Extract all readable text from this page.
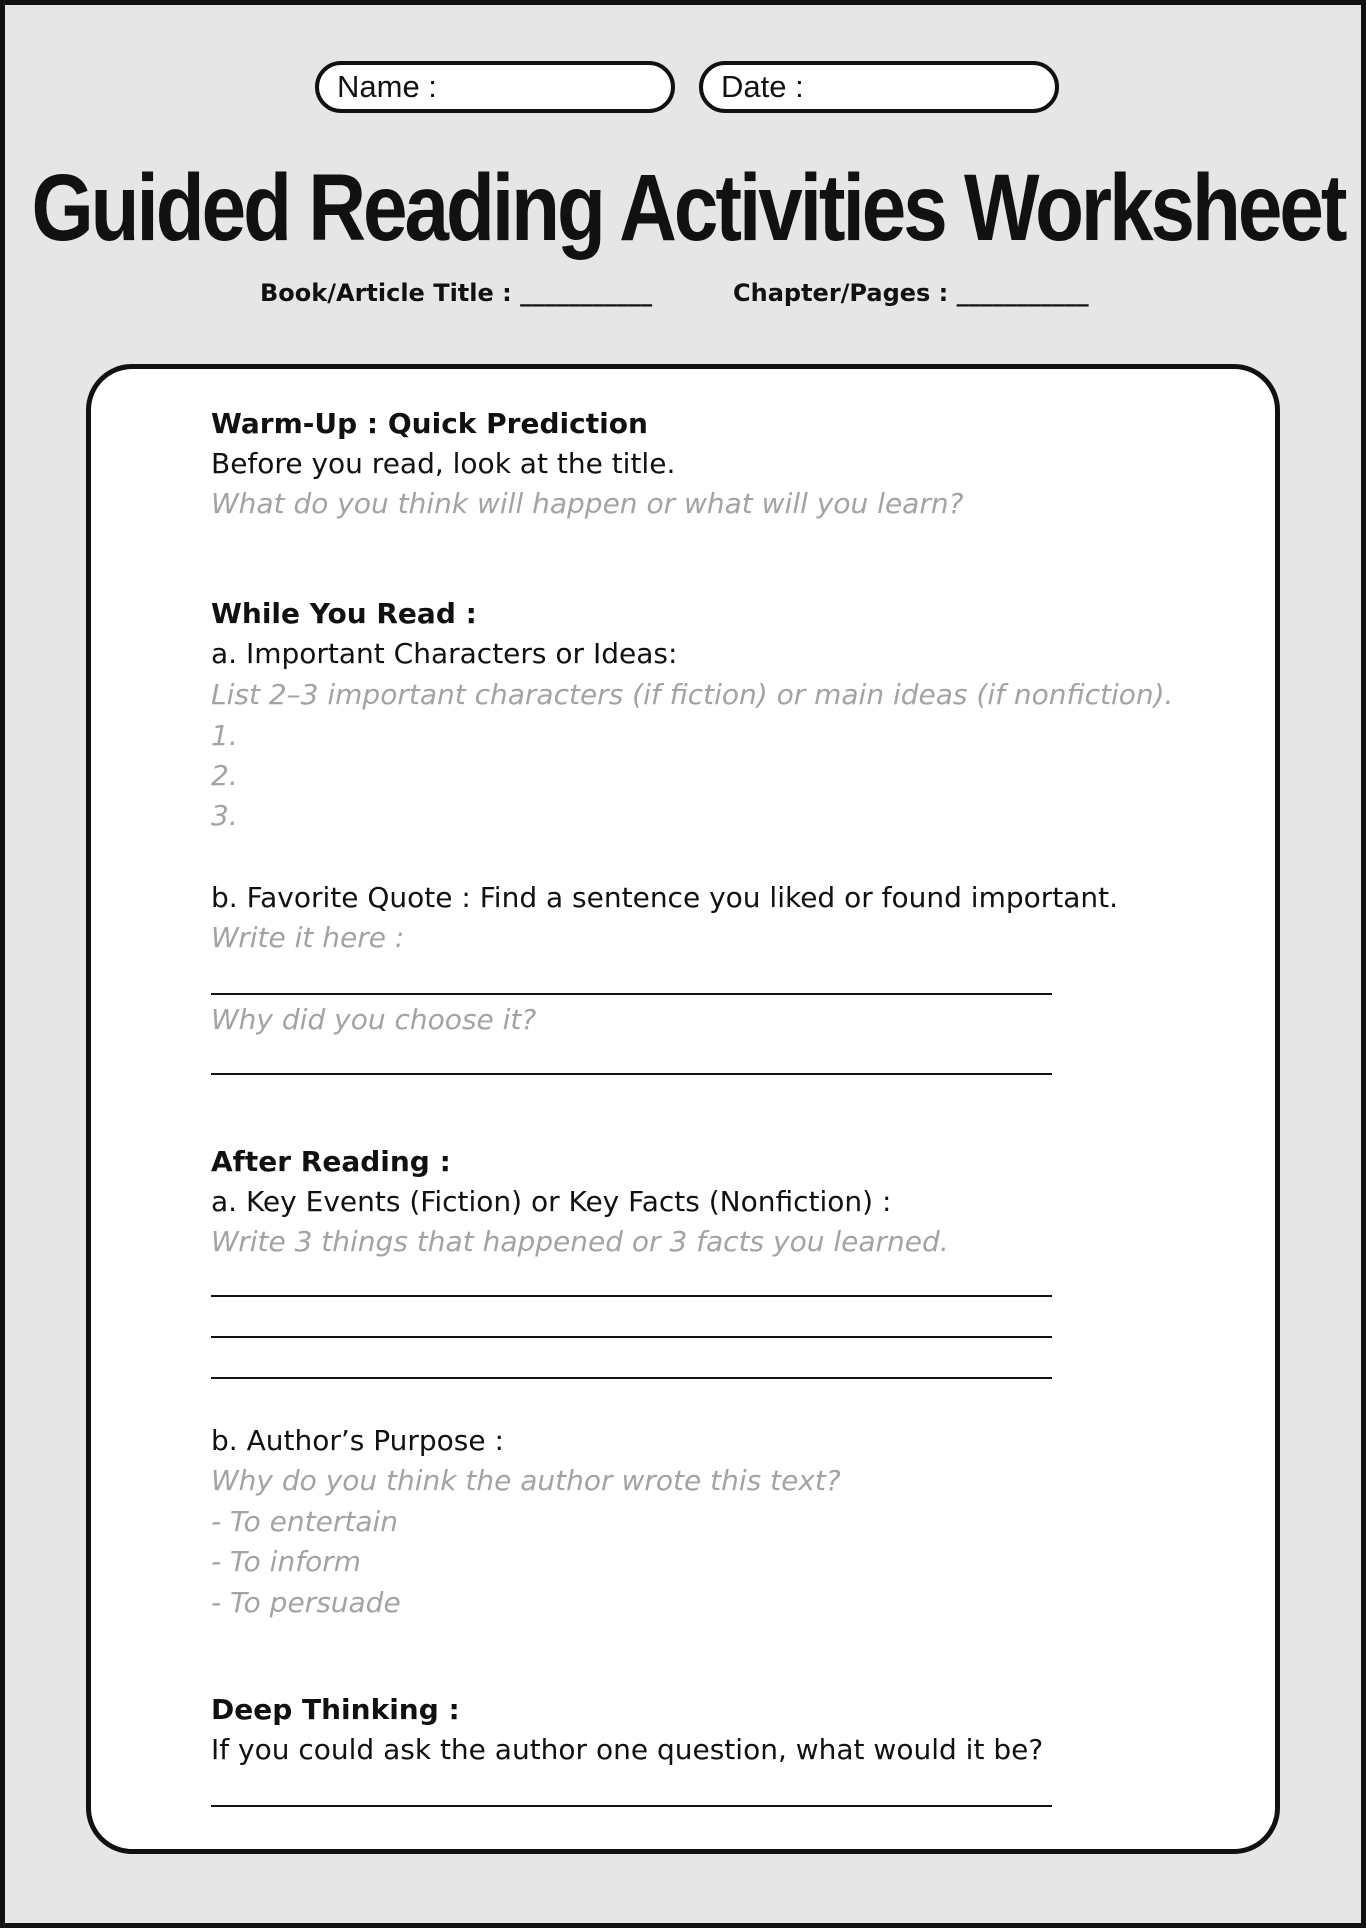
Name :	Date :
Guided Reading Activities Worksheet
Book/Article Title : ___________	Chapter/Pages : ___________
Warm-Up : Quick Prediction
Before you read, look at the title.
What do you think will happen or what will you learn?
While You Read :
a. Important Characters or Ideas:
List 2–3 important characters (if fiction) or main ideas (if nonfiction).
1.
2.
3.
b. Favorite Quote : Find a sentence you liked or found important.
Write it here :
Why did you choose it?
After Reading :
a. Key Events (Fiction) or Key Facts (Nonfiction) :
Write 3 things that happened or 3 facts you learned.
b. Author’s Purpose :
Why do you think the author wrote this text?
- To entertain
- To inform
- To persuade
Deep Thinking :
If you could ask the author one question, what would it be?
